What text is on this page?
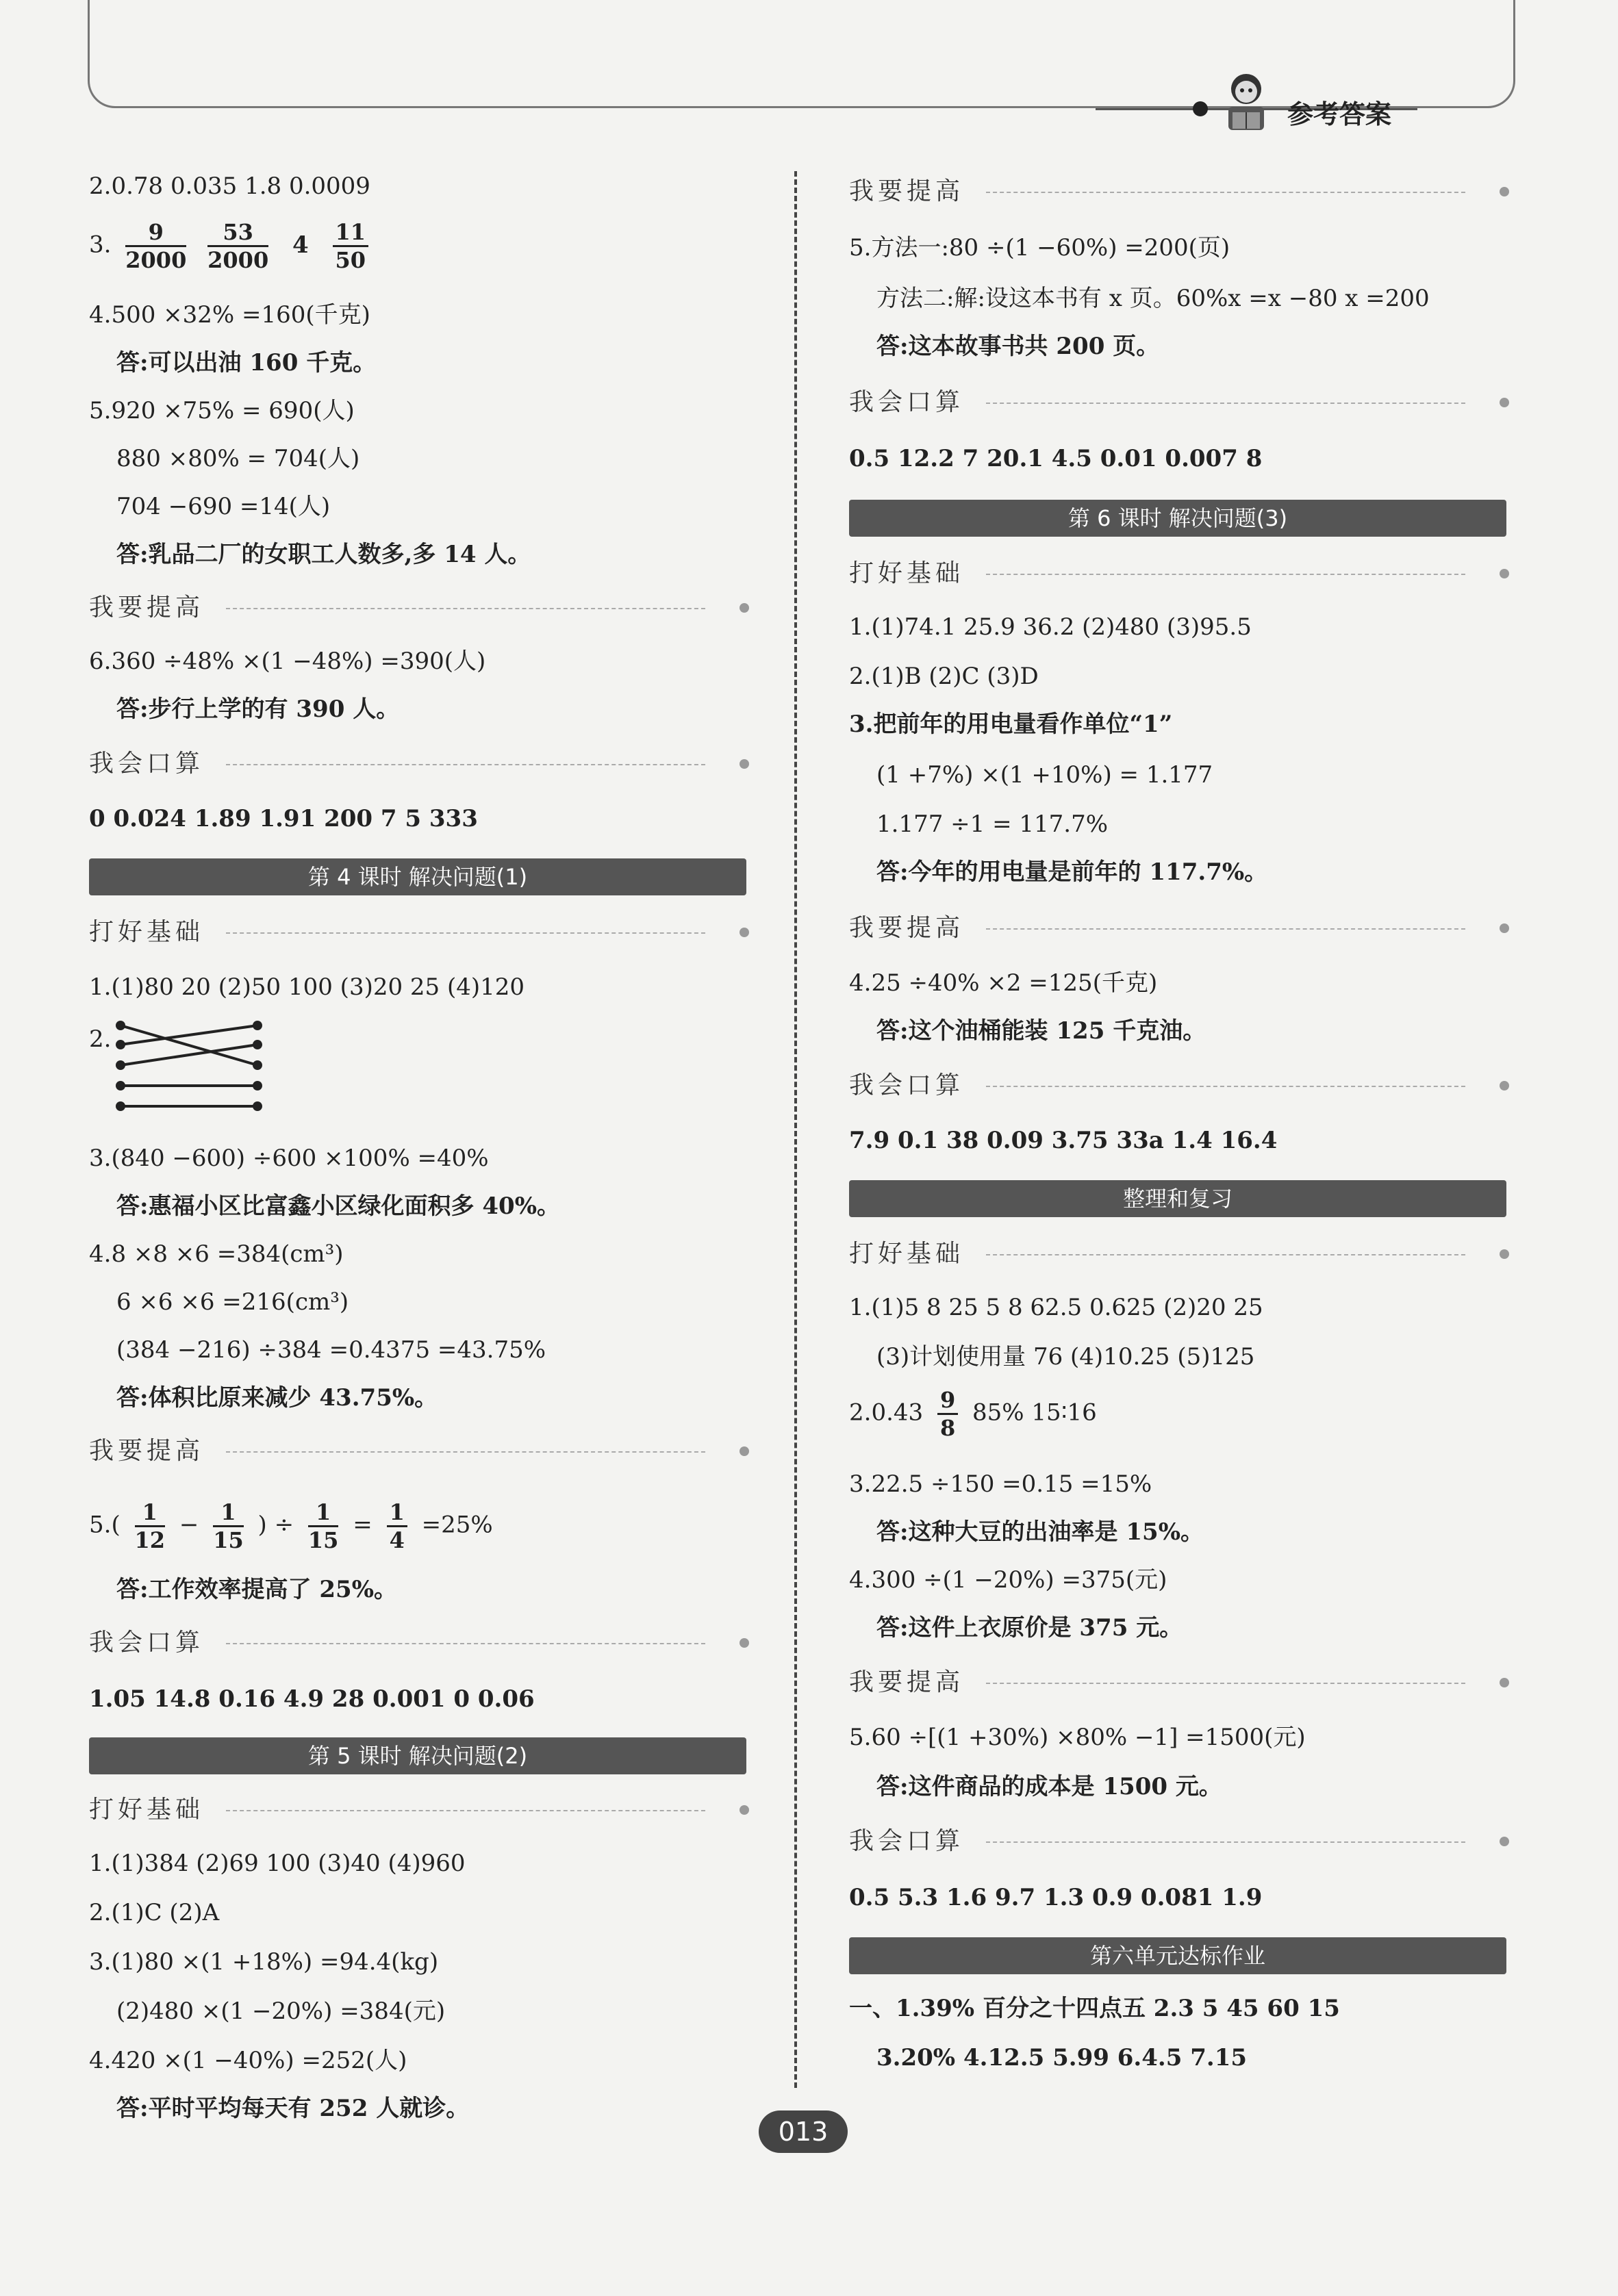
参考答案
2.0.78 0.035 1.8 0.0009
3. $\frac{9}{2000}$
$\frac{53}{2000} 4 \frac{11}{50}$
4.500 ×32% =160(千克)
答:可以出油 160 千克。
5.920 ×75% = 690(人)
880 ×80% = 704(人)
704 −690 =14(人)
答:乳品二厂的女职工人数多,多 14 人。
我要提高
6.360 ÷48% ×(1 −48%) =390(人)
答:步行上学的有 390 人。
我会口算
0 0.024 1.89 1.91 200 7 5 333
第 4 课时 解决问题(1)
打好基础
1.(1)80 20 (2)50 100 (3)20 25 (4)120
2.
3.(840 −600) ÷600 ×100% =40%
答:惠福小区比富鑫小区绿化面积多 40%。
4.8 ×8 ×6 =384(cm³)
6 ×6 ×6 =216(cm³)
(384 −216) ÷384 =0.4375 =43.75%
答:体积比原来减少 43.75%。
我要提高
$5.( \frac{1}{12} - \frac{1}{15}$ ) ÷ $\frac{1}{15} = \frac{1}{4} =25\%$
答:工作效率提高了 25%。
我会口算
1.05 14.8 0.16 4.9 28 0.001 0 0.06
第 5 课时 解决问题(2)
打好基础
1.(1)384 (2)69 100 (3)40 (4)960
2.(1)C (2)A
3.(1)80 ×(1 +18%) =94.4(kg)
(2)480 ×(1 −20%) =384(元)
4.420 ×(1 −40%) =252(人)
答:平时平均每天有 252 人就诊。
我要提高
5.方法一:80 ÷(1 −60%) =200(页)
方法二:解:设这本书有 x 页。60%x =x −80 x =200
答:这本故事书共 200 页。
我会口算
0.5 12.2 7 20.1 4.5 0.01 0.007 8
第 6 课时 解决问题(3)
打好基础
1.(1)74.1 25.9 36.2 (2)480 (3)95.5
2.(1)B (2)C (3)D
3.把前年的用电量看作单位“1”
(1 +7%) ×(1 +10%) = 1.177
1.177 ÷1 = 117.7%
答:今年的用电量是前年的 117.7%。
我要提高
4.25 ÷40% ×2 =125(千克)
答:这个油桶能装 125 千克油。
我会口算
7.9 0.1 38 0.09 3.75 33a 1.4 16.4
整理和复习
打好基础
1.(1)5 8 25 5 8 62.5 0.625 (2)20 25
(3)计划使用量 76 (4)10.25 (5)125
$2.0.43 \frac{9}{8} 85\%$ 15∶16
3.22.5 ÷150 =0.15 =15%
答:这种大豆的出油率是 15%。
4.300 ÷(1 −20%) =375(元)
答:这件上衣原价是 375 元。
我要提高
5.60 ÷[(1 +30%) ×80% −1] =1500(元)
答:这件商品的成本是 1500 元。
我会口算
0.5 5.3 1.6 9.7 1.3 0.9 0.081 1.9
第六单元达标作业
一、1.39% 百分之十四点五 2.3 5 45 60 15
3.20% 4.12.5 5.99 6.4.5 7.15
013
